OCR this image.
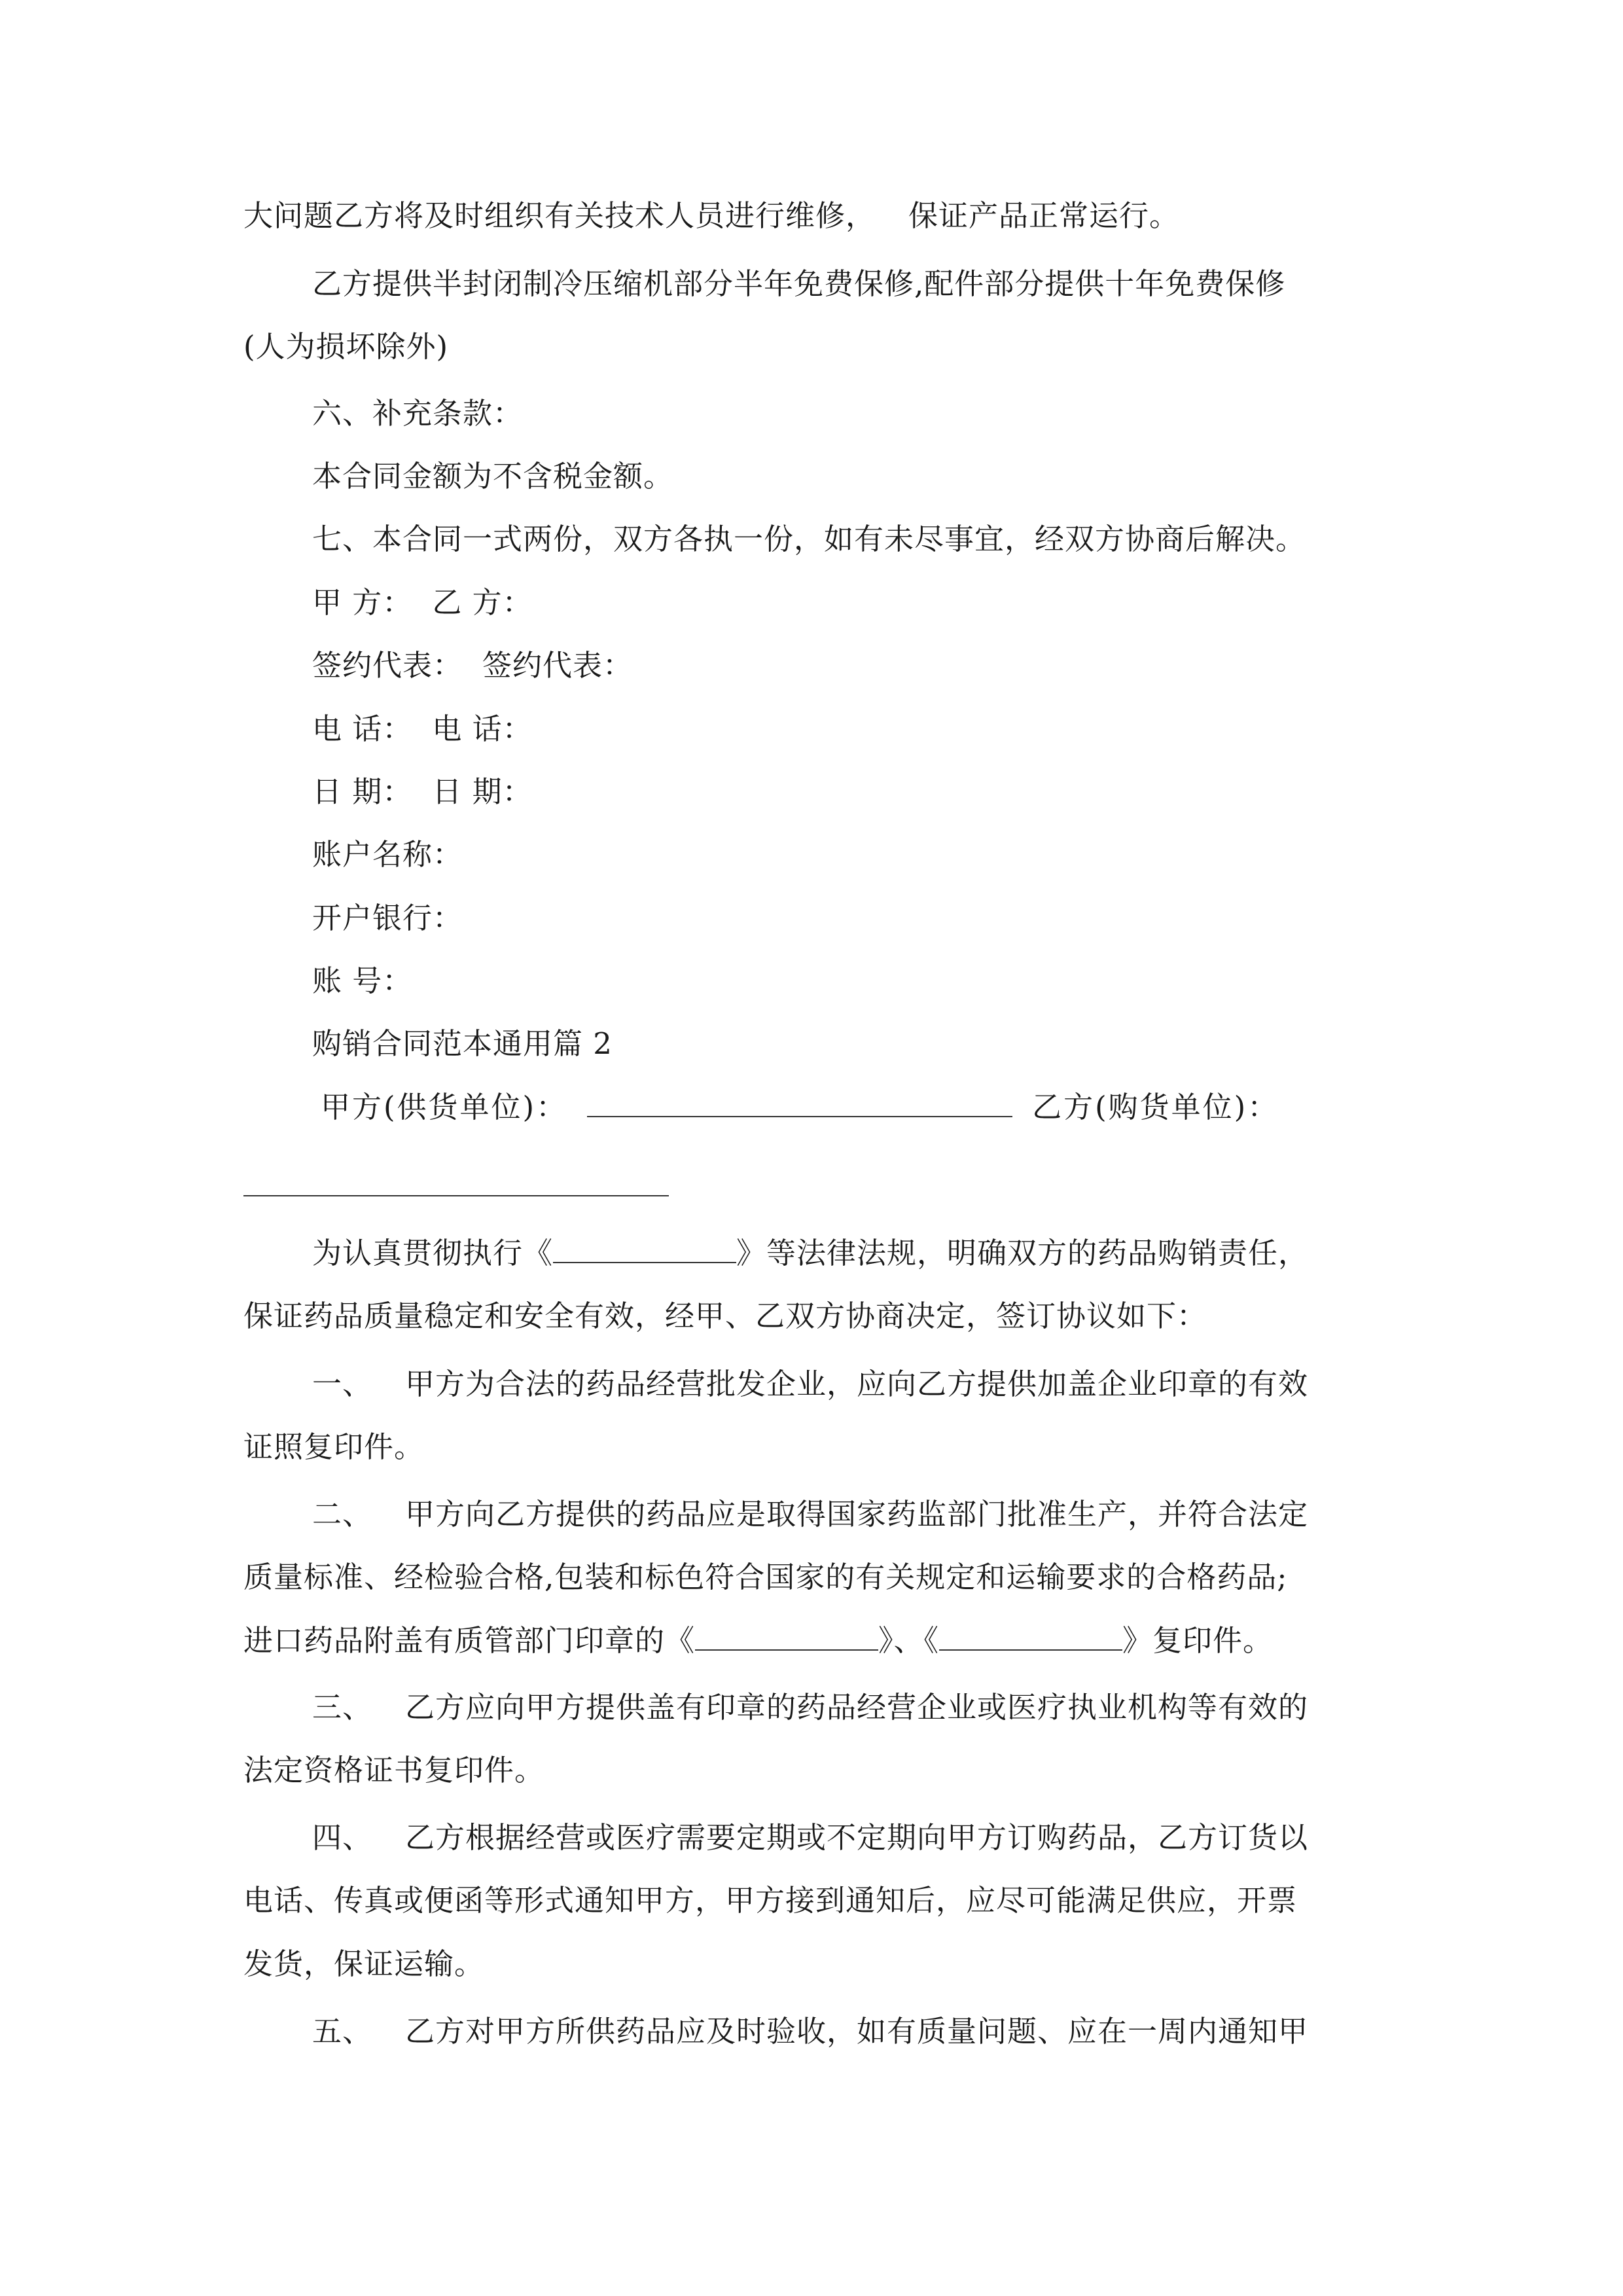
大问题乙方将及时组织有关技术人员进行维修， 保证产品正常运行。
乙方提供半封闭制冷压缩机部分半年免费保修,配件部分提供十年免费保修
(人为损坏除外)
六、补充条款：
本合同金额为不含税金额。
七、本合同一式两份，双方各执一份，如有未尽事宜，经双方协商后解决。
甲 方： 乙 方：
签约代表： 签约代表：
电 话： 电 话：
日 期： 日 期：
账户名称：
开户银行：
账 号：
购销合同范本通用篇 2
甲方(供货单位)：	乙方(购货单位)：
为认真贯彻执行《	》等法律法规，明确双方的药品购销责任，
保证药品质量稳定和安全有效，经甲、乙双方协商决定，签订协议如下：
一、 甲方为合法的药品经营批发企业，应向乙方提供加盖企业印章的有效
证照复印件。
二、 甲方向乙方提供的药品应是取得国家药监部门批准生产，并符合法定
质量标准、经检验合格,包装和标色符合国家的有关规定和运输要求的合格药品;
进口药品附盖有质管部门印章的《	》、《	》复印件。
三、 乙方应向甲方提供盖有印章的药品经营企业或医疗执业机构等有效的
法定资格证书复印件。
四、 乙方根据经营或医疗需要定期或不定期向甲方订购药品，乙方订货以
电话、传真或便函等形式通知甲方，甲方接到通知后，应尽可能满足供应，开票
发货，保证运输。
五、 乙方对甲方所供药品应及时验收，如有质量问题、应在一周内通知甲
